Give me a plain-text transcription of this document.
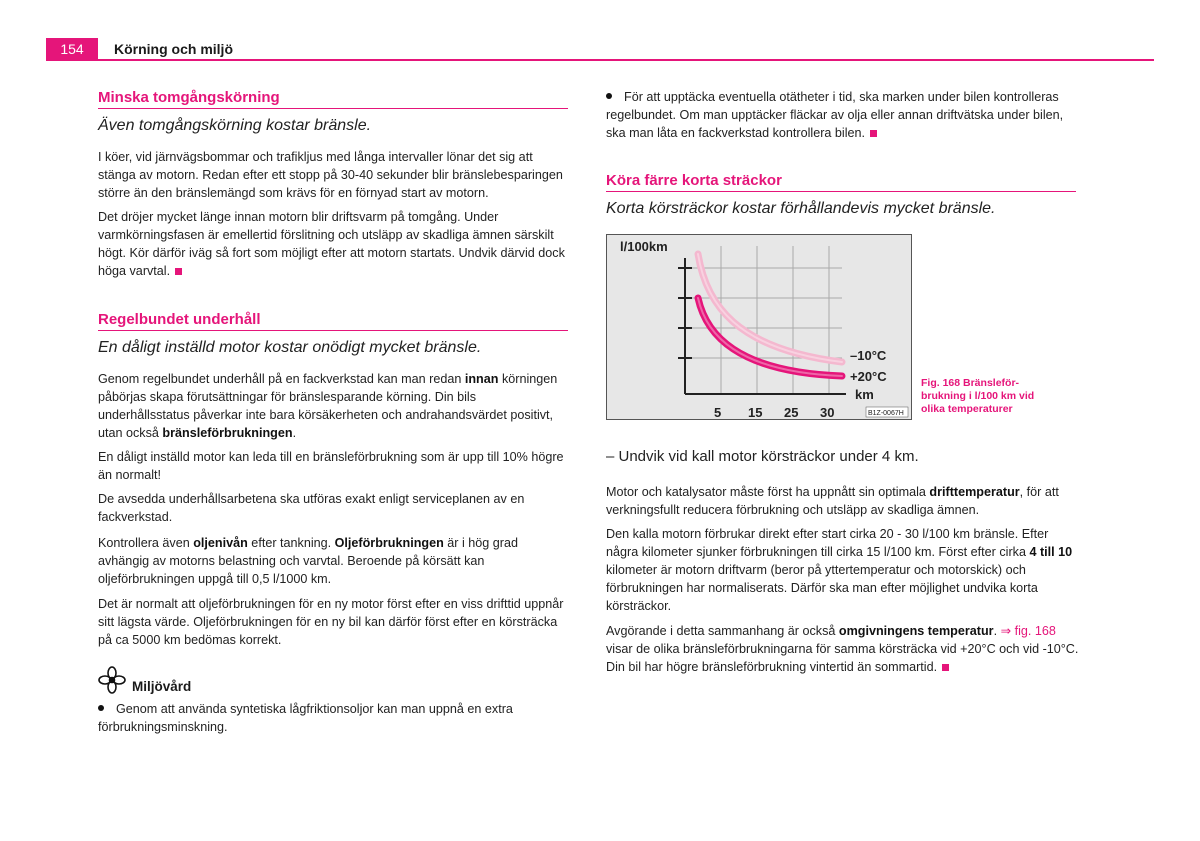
154	Körning och miljö
Minska tomgångskörning
Även tomgångskörning kostar bränsle.
I köer, vid järnvägsbommar och trafikljus med långa intervaller lönar det sig att stänga av motorn. Redan efter ett stopp på 30-40 sekunder blir bränslebesparingen större än den bränslemängd som krävs för en förnyad start av motorn.
Det dröjer mycket länge innan motorn blir driftsvarm på tomgång. Under varmkörningsfasen är emellertid förslitning och utsläpp av skadliga ämnen särskilt högt. Kör därför iväg så fort som möjligt efter att motorn startats. Undvik därvid dock höga varvtal.
Regelbundet underhåll
En dåligt inställd motor kostar onödigt mycket bränsle.
Genom regelbundet underhåll på en fackverkstad kan man redan innan körningen påbörjas skapa förutsättningar för bränslesparande körning. Din bils underhållsstatus påverkar inte bara körsäkerheten och andrahandsvärdet positivt, utan också bränsleförbrukningen.
En dåligt inställd motor kan leda till en bränsleförbrukning som är upp till 10% högre än normalt!
De avsedda underhållsarbetena ska utföras exakt enligt serviceplanen av en fackverkstad.
Kontrollera även oljenivån efter tankning. Oljeförbrukningen är i hög grad avhängig av motorns belastning och varvtal. Beroende på körsätt kan oljeförbrukningen uppgå till 0,5 l/1000 km.
Det är normalt att oljeförbrukningen för en ny motor först efter en viss drifttid uppnår sitt lägsta värde. Oljeförbrukningen för en ny bil kan därför först efter en körsträcka på ca 5000 km bedömas korrekt.
Miljövård
Genom att använda syntetiska lågfriktionsoljor kan man uppnå en extra förbrukningsminskning.
För att upptäcka eventuella otätheter i tid, ska marken under bilen kontrolleras regelbundet. Om man upptäcker fläckar av olja eller annan driftvätska under bilen, ska man låta en fackverkstad kontrollera bilen.
Köra färre korta sträckor
Korta körsträckor kostar förhållandevis mycket bränsle.
l/100km
km
–10°C
+20°C
5 15 25 30	B1Z-0067H
Fig. 168 Bränsleför-
brukning i l/100 km vid
olika temperaturer
– Undvik vid kall motor körsträckor under 4 km.
Motor och katalysator måste först ha uppnått sin optimala drifttemperatur, för att verkningsfullt reducera förbrukning och utsläpp av skadliga ämnen.
Den kalla motorn förbrukar direkt efter start cirka 20 - 30 l/100 km bränsle. Efter några kilometer sjunker förbrukningen till cirka 15 l/100 km. Först efter cirka 4 till 10 kilometer är motorn driftvarm (beror på yttertemperatur och motorskick) och förbrukningen har normaliserats. Därför ska man efter möjlighet undvika korta körsträckor.
Avgörande i detta sammanhang är också omgivningens temperatur. ⇒ fig. 168 visar de olika bränsleförbrukningarna för samma körsträcka vid +20°C och vid -10°C. Din bil har högre bränsleförbrukning vintertid än sommartid.
